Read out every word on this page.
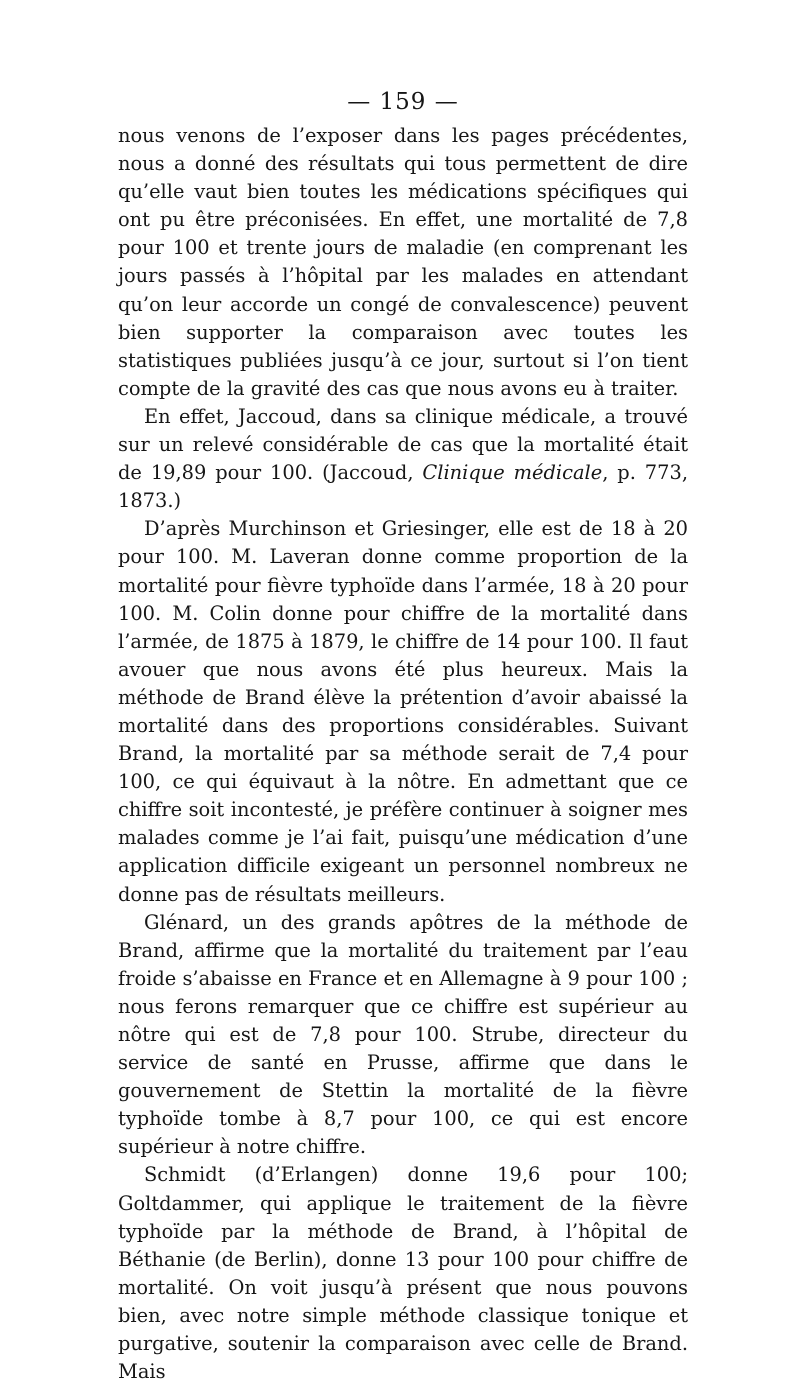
— 159 —

nous venons de l’exposer dans les pages précédentes, nous a donné des résultats qui tous permettent de dire qu’elle vaut bien toutes les médications spécifiques qui ont pu être préconisées. En effet, une mortalité de 7,8 pour 100 et trente jours de maladie (en comprenant les jours passés à l’hôpital par les malades en attendant qu’on leur accorde un congé de convalescence) peuvent bien supporter la comparaison avec toutes les statistiques publiées jusqu’à ce jour, surtout si l’on tient compte de la gravité des cas que nous avons eu à traiter.

En effet, Jaccoud, dans sa clinique médicale, a trouvé sur un relevé considérable de cas que la mortalité était de 19,89 pour 100. (Jaccoud, Clinique médicale, p. 773, 1873.)

D’après Murchinson et Griesinger, elle est de 18 à 20 pour 100. M. Laveran donne comme proportion de la mortalité pour fièvre typhoïde dans l’armée, 18 à 20 pour 100. M. Colin donne pour chiffre de la mortalité dans l’armée, de 1875 à 1879, le chiffre de 14 pour 100. Il faut avouer que nous avons été plus heureux. Mais la méthode de Brand élève la prétention d’avoir abaissé la mortalité dans des proportions considérables. Suivant Brand, la mortalité par sa méthode serait de 7,4 pour 100, ce qui équivaut à la nôtre. En admettant que ce chiffre soit incontesté, je préfère continuer à soigner mes malades comme je l’ai fait, puisqu’une médication d’une application difficile exigeant un personnel nombreux ne donne pas de résultats meilleurs.

Glénard, un des grands apôtres de la méthode de Brand, affirme que la mortalité du traitement par l’eau froide s’abaisse en France et en Allemagne à 9 pour 100 ; nous ferons remarquer que ce chiffre est supérieur au nôtre qui est de 7,8 pour 100. Strube, directeur du service de santé en Prusse, affirme que dans le gouvernement de Stettin la mortalité de la fièvre typhoïde tombe à 8,7 pour 100, ce qui est encore supérieur à notre chiffre.

Schmidt (d’Erlangen) donne 19,6 pour 100; Goltdammer, qui applique le traitement de la fièvre typhoïde par la méthode de Brand, à l’hôpital de Béthanie (de Berlin), donne 13 pour 100 pour chiffre de mortalité. On voit jusqu’à présent que nous pouvons bien, avec notre simple méthode classique tonique et purgative, soutenir la comparaison avec celle de Brand. Mais
